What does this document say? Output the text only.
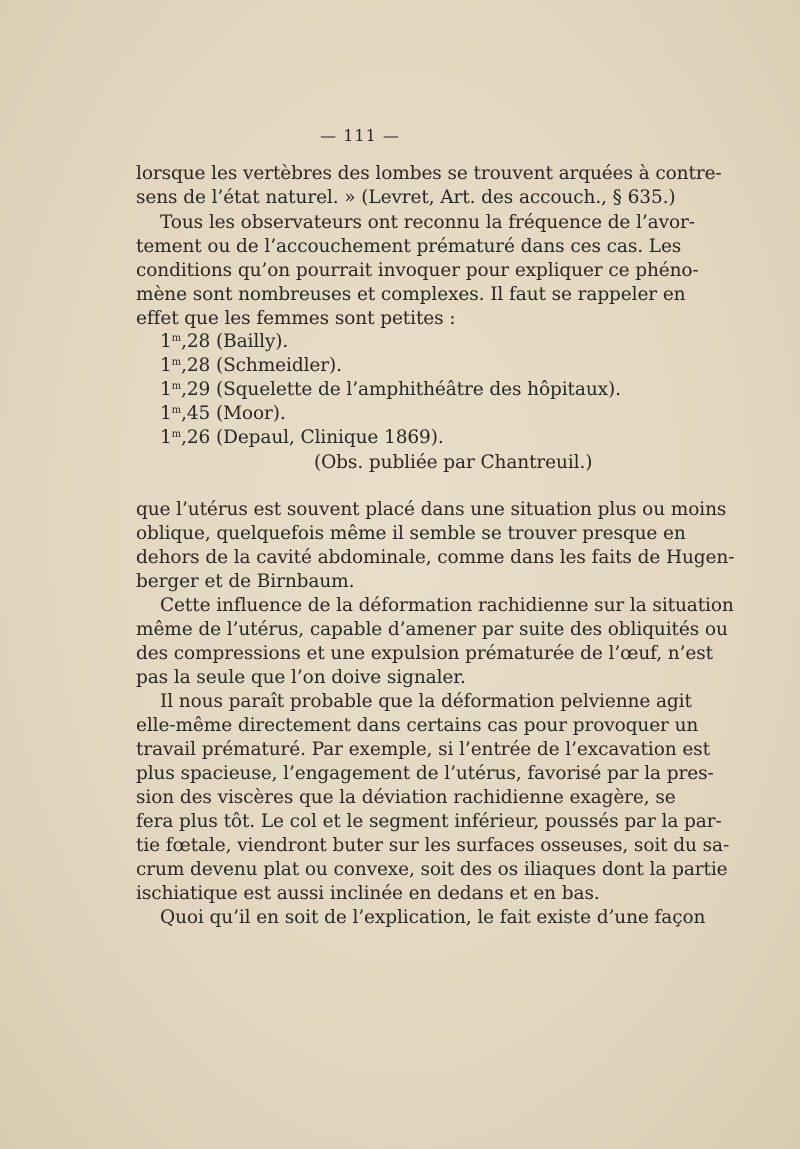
— 111 —
lorsque les vertèbres des lombes se trouvent arquées à contre-
sens de l’état naturel. » (Levret, Art. des accouch., § 635.)
Tous les observateurs ont reconnu la fréquence de l’avor-
tement ou de l’accouchement prématuré dans ces cas. Les
conditions qu’on pourrait invoquer pour expliquer ce phéno-
mène sont nombreuses et complexes. Il faut se rappeler en
effet que les femmes sont petites :
1$^m$,28 (Bailly).
1$^m$,28 (Schmeidler).
1$^m$,29 (Squelette de l’amphithéâtre des hôpitaux).
1$^m$,45 (Moor).
1$^m$,26 (Depaul, Clinique 1869).
(Obs. publiée par Chantreuil.)
que l’utérus est souvent placé dans une situation plus ou moins
oblique, quelquefois même il semble se trouver presque en
dehors de la cavité abdominale, comme dans les faits de Hugen-
berger et de Birnbaum.
Cette influence de la déformation rachidienne sur la situation
même de l’utérus, capable d’amener par suite des obliquités ou
des compressions et une expulsion prématurée de l’œuf, n’est
pas la seule que l’on doive signaler.
Il nous paraît probable que la déformation pelvienne agit
elle-même directement dans certains cas pour provoquer un
travail prématuré. Par exemple, si l’entrée de l’excavation est
plus spacieuse, l’engagement de l’utérus, favorisé par la pres-
sion des viscères que la déviation rachidienne exagère, se
fera plus tôt. Le col et le segment inférieur, poussés par la par-
tie fœtale, viendront buter sur les surfaces osseuses, soit du sa-
crum devenu plat ou convexe, soit des os iliaques dont la partie
ischiatique est aussi inclinée en dedans et en bas.
Quoi qu’il en soit de l’explication, le fait existe d’une façon
